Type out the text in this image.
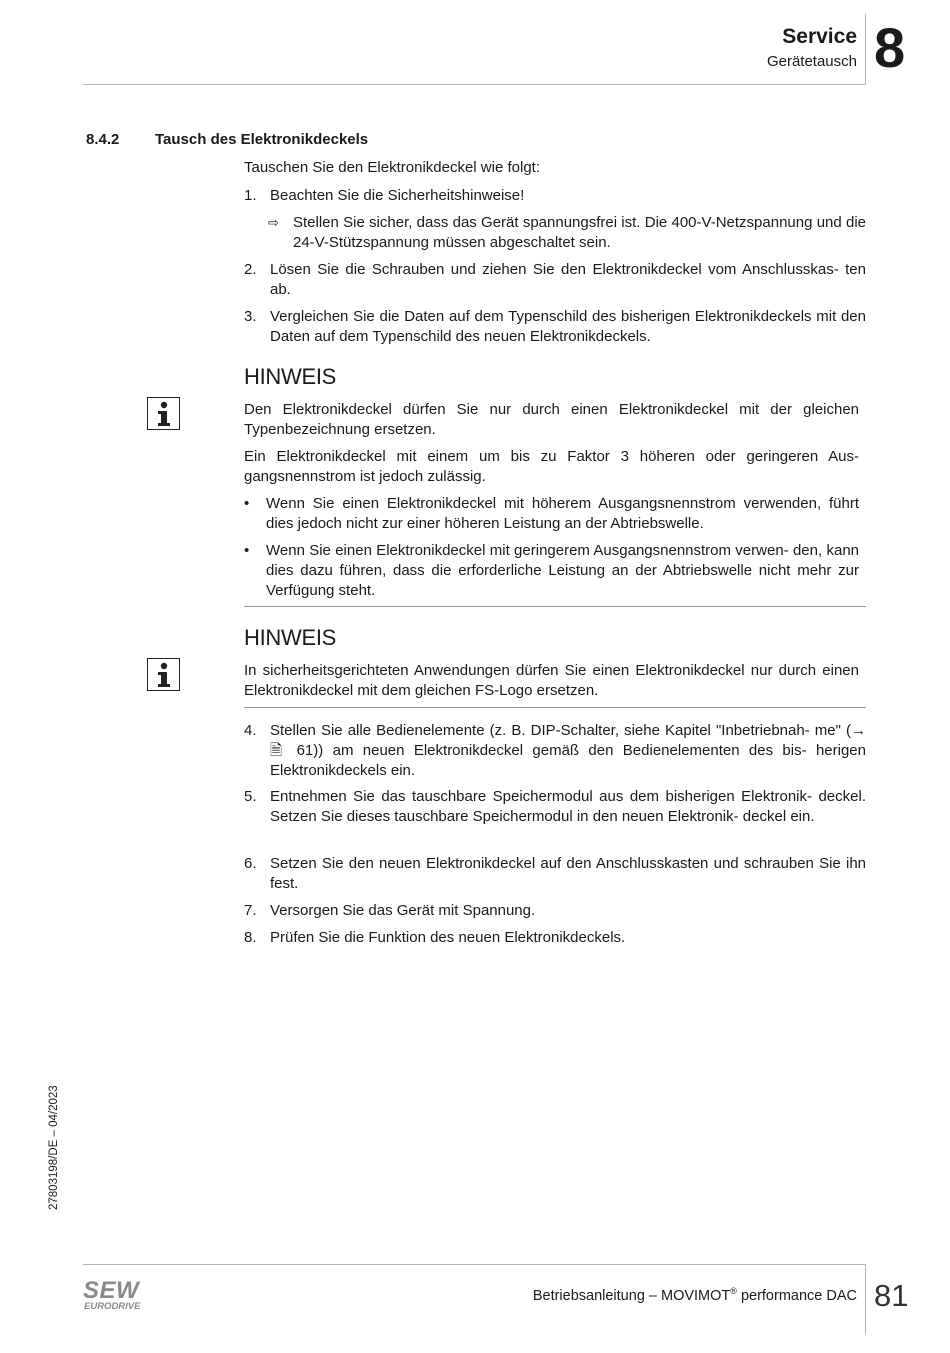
Service
Gerätetausch 8
8.4.2 Tausch des Elektronikdeckels
Tauschen Sie den Elektronikdeckel wie folgt:
1. Beachten Sie die Sicherheitshinweise!
⇨ Stellen Sie sicher, dass das Gerät spannungsfrei ist. Die 400-V-Netzspannung und die 24-V-Stützspannung müssen abgeschaltet sein.
2. Lösen Sie die Schrauben und ziehen Sie den Elektronikdeckel vom Anschlusskas- ten ab.
3. Vergleichen Sie die Daten auf dem Typenschild des bisherigen Elektronikdeckels mit den Daten auf dem Typenschild des neuen Elektronikdeckels.
HINWEIS
Den Elektronikdeckel dürfen Sie nur durch einen Elektronikdeckel mit der gleichen Typenbezeichnung ersetzen.
Ein Elektronikdeckel mit einem um bis zu Faktor 3 höheren oder geringeren Aus- gangsnennstrom ist jedoch zulässig.
• Wenn Sie einen Elektronikdeckel mit höherem Ausgangsnennstrom verwenden, führt dies jedoch nicht zur einer höheren Leistung an der Abtriebswelle.
• Wenn Sie einen Elektronikdeckel mit geringerem Ausgangsnennstrom verwen- den, kann dies dazu führen, dass die erforderliche Leistung an der Abtriebswelle nicht mehr zur Verfügung steht.
HINWEIS
In sicherheitsgerichteten Anwendungen dürfen Sie einen Elektronikdeckel nur durch einen Elektronikdeckel mit dem gleichen FS-Logo ersetzen.
4. Stellen Sie alle Bedienelemente (z. B. DIP-Schalter, siehe Kapitel "Inbetriebnah- me" (→ 🗎 61)) am neuen Elektronikdeckel gemäß den Bedienelementen des bis- herigen Elektronikdeckels ein.
5. Entnehmen Sie das tauschbare Speichermodul aus dem bisherigen Elektronik- deckel. Setzen Sie dieses tauschbare Speichermodul in den neuen Elektronik- deckel ein.
6. Setzen Sie den neuen Elektronikdeckel auf den Anschlusskasten und schrauben Sie ihn fest.
7. Versorgen Sie das Gerät mit Spannung.
8. Prüfen Sie die Funktion des neuen Elektronikdeckels.
27803198/DE – 04/2023
SEW
EURODRIVE
Betriebsanleitung – MOVIMOT® performance DAC 81
